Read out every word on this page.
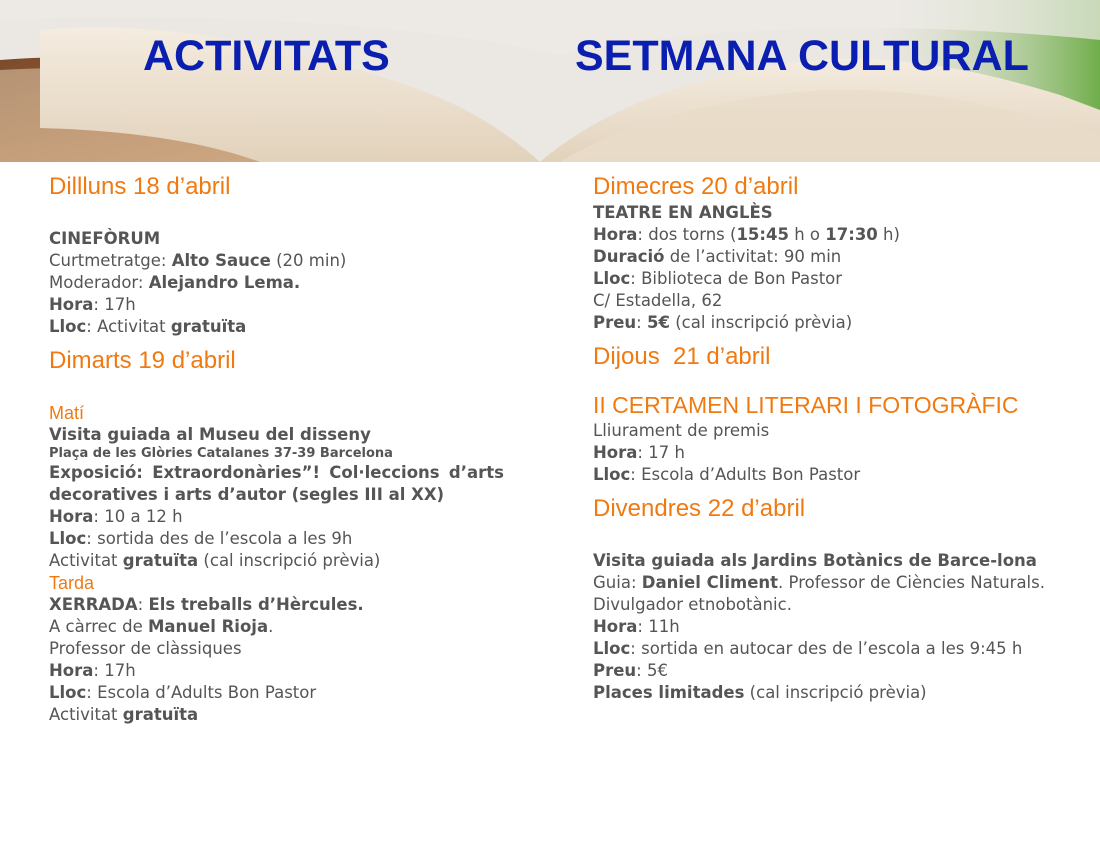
ACTIVITATS	SETMANA CULTURAL
Dillluns 18 d’abril
CINEFÒRUM
Curtmetratge: Alto Sauce (20 min)
Moderador: Alejandro Lema.
Hora: 17h
Lloc: Activitat gratuïta
Dimarts 19 d’abril
Matí
Visita guiada al Museu del disseny
Plaça de les Glòries Catalanes 37-39 Barcelona
Exposició: Extraordonàries”! Col·leccions d’arts decoratives i arts d’autor (segles III al XX)
Hora: 10 a 12 h
Lloc: sortida des de l’escola a les 9h
Activitat gratuïta (cal inscripció prèvia)
Tarda
XERRADA: Els treballs d’Hèrcules.
A càrrec de Manuel Rioja.
Professor de clàssiques
Hora: 17h
Lloc: Escola d’Adults Bon Pastor
Activitat gratuïta
Dimecres 20 d’abril
TEATRE EN ANGLÈS
Hora: dos torns (15:45 h o 17:30 h)
Duració de l’activitat: 90 min
Lloc: Biblioteca de Bon Pastor
C/ Estadella, 62
Preu: 5€ (cal inscripció prèvia)
Dijous  21 d’abril
II CERTAMEN LITERARI I FOTOGRÀFIC
Lliurament de premis
Hora: 17 h
Lloc: Escola d’Adults Bon Pastor
Divendres 22 d’abril
Visita guiada als Jardins Botànics de Barce-lona
Guia: Daniel Climent. Professor de Ciències Naturals. Divulgador etnobotànic.
Hora: 11h
Lloc: sortida en autocar des de l’escola a les 9:45 h
Preu: 5€
Places limitades (cal inscripció prèvia)
